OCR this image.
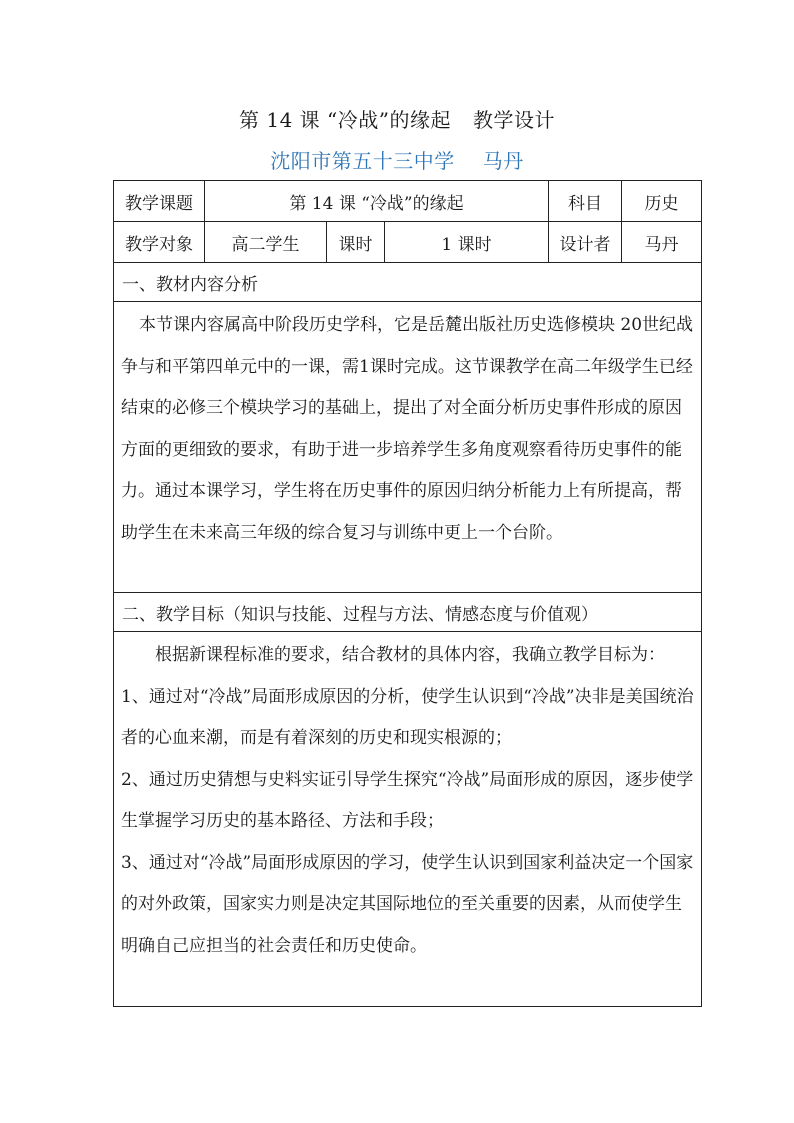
第 14 课 “冷战”的缘起 教学设计
沈阳市第五十三中学 马丹
教学课题	第 14 课 “冷战”的缘起			科目	历史
教学对象	高二学生	课时	1 课时	设计者	马丹
一、教材内容分析					

本节课内容属高中阶段历史学科，它是岳麓出版社历史选修模块 20世纪战争与和平第四单元中的一课，需1课时完成。这节课教学在高二年级学生已经结束的必修三个模块学习的基础上，提出了对全面分析历史事件形成的原因方面的更细致的要求，有助于进一步培养学生多角度观察看待历史事件的能力。通过本课学习，学生将在历史事件的原因归纳分析能力上有所提高，帮助学生在未来高三年级的综合复习与训练中更上一个台阶。					

二、教学目标（知识与技能、过程与方法、情感态度与价值观）					

根据新课程标准的要求，结合教材的具体内容，我确立教学目标为：

1、通过对“冷战”局面形成原因的分析，使学生认识到“冷战”决非是美国统治者的心血来潮，而是有着深刻的历史和现实根源的；

2、通过历史猜想与史料实证引导学生探究“冷战”局面形成的原因，逐步使学生掌握学习历史的基本路径、方法和手段；

3、通过对“冷战”局面形成原因的学习，使学生认识到国家利益决定一个国家的对外政策，国家实力则是决定其国际地位的至关重要的因素，从而使学生明确自己应担当的社会责任和历史使命。					
